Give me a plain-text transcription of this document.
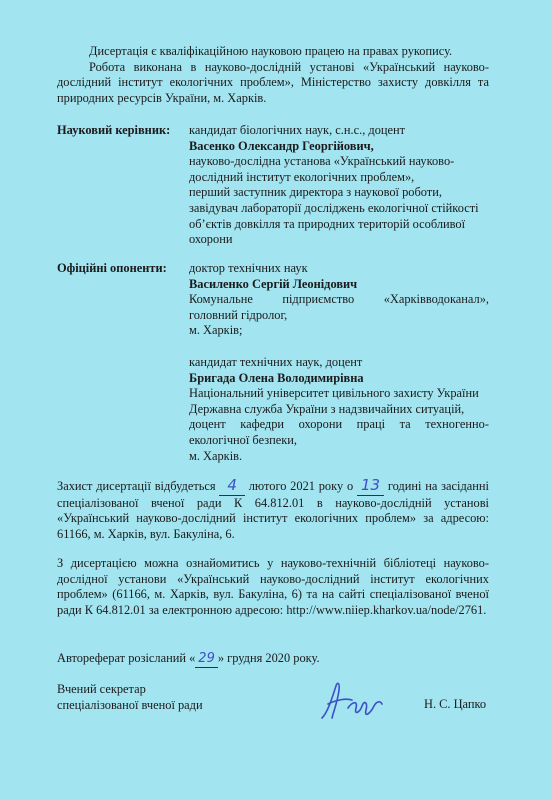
Дисертація є кваліфікаційною науковою працею на правах рукопису.

Робота виконана в науково-дослідній установі «Український науково-дослідний інститут екологічних проблем», Міністерство захисту довкілля та природних ресурсів України, м. Харків.

Науковий керівник: кандидат біологічних наук, с.н.с., доцент

Васенко Олександр Георгійович,

науково-дослідна установа «Український науково-дослідний інститут екологічних проблем»,

перший заступник директора з наукової роботи, завідувач лабораторії досліджень екологічної стійкості об’єктів довкілля та природних територій особливої охорони

Офіційні опоненти: доктор технічних наук

Василенко Сергій Леонідович

Комунальне підприємство «Харківводоканал»,

головний гідролог,

м. Харків;

кандидат технічних наук, доцент

Бригада Олена Володимирівна

Національний університет цивільного захисту України

Державна служба України з надзвичайних ситуацій,

доцент кафедри охорони праці та техногенно-екологічної безпеки,

м. Харків.

Захист дисертації відбудеться 4 лютого 2021 року о 13 годині на засіданні спеціалізованої вченої ради К 64.812.01 в науково-дослідній установі «Український науково-дослідний інститут екологічних проблем» за адресою: 61166, м. Харків, вул. Бакуліна, 6.

З дисертацією можна ознайомитись у науково-технічній бібліотеці науково-дослідної установи «Український науково-дослідний інститут екологічних проблем» (61166, м. Харків, вул. Бакуліна, 6) та на сайті спеціалізованої вченої ради К 64.812.01 за електронною адресою: http://www.niiep.kharkov.ua/node/2761.

Автореферат розісланий « 29 » грудня 2020 року.

Вчений секретар

спеціалізованої вченої ради	Н. С. Цапко
